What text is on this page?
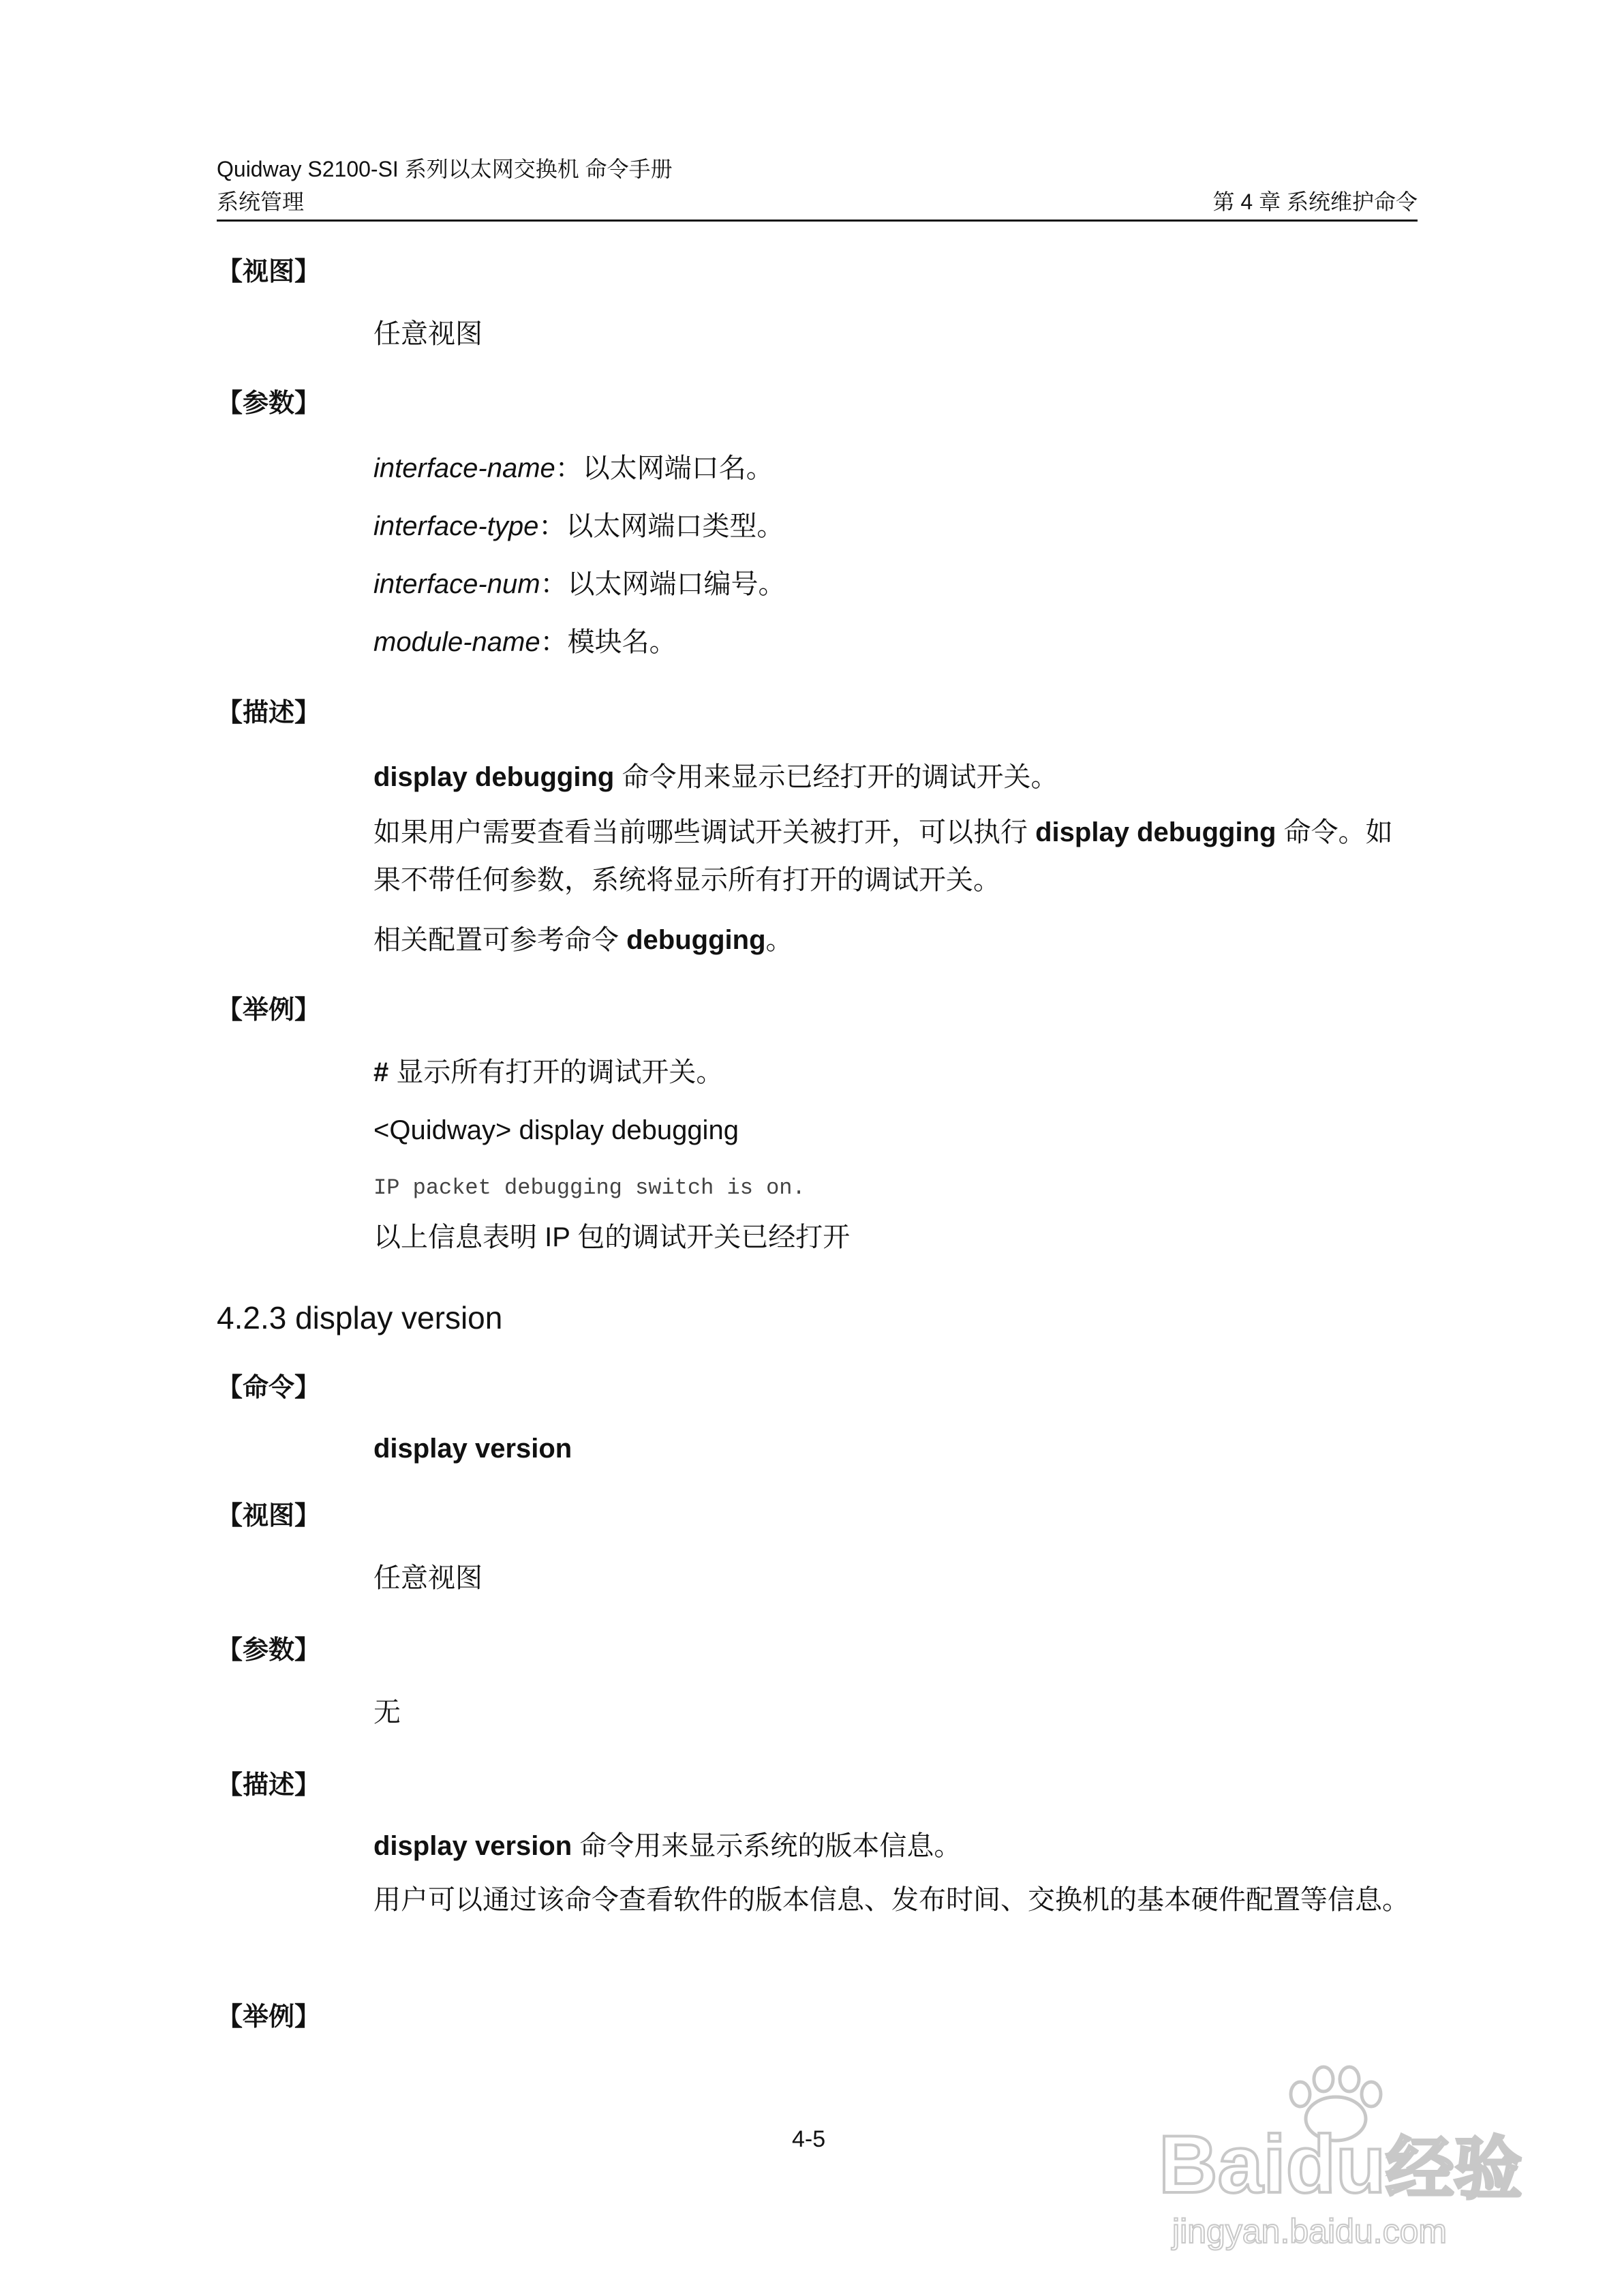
Quidway S2100-SI 系列以太网交换机 命令手册
系统管理	第 4 章 系统维护命令
【视图】
任意视图
【参数】
interface-name：以太网端口名。
interface-type：以太网端口类型。
interface-num：以太网端口编号。
module-name：模块名。
【描述】
display debugging 命令用来显示已经打开的调试开关。
如果用户需要查看当前哪些调试开关被打开，可以执行 display debugging 命令。如果不带任何参数，系统将显示所有打开的调试开关。
相关配置可参考命令 debugging。
【举例】
# 显示所有打开的调试开关。
<Quidway> display debugging
IP packet debugging switch is on.
以上信息表明 IP 包的调试开关已经打开
4.2.3 display version
【命令】
display version
【视图】
任意视图
【参数】
无
【描述】
display version 命令用来显示系统的版本信息。
用户可以通过该命令查看软件的版本信息、发布时间、交换机的基本硬件配置等信息。
【举例】
4-5	Baidu经验
jingyan.baidu.com
